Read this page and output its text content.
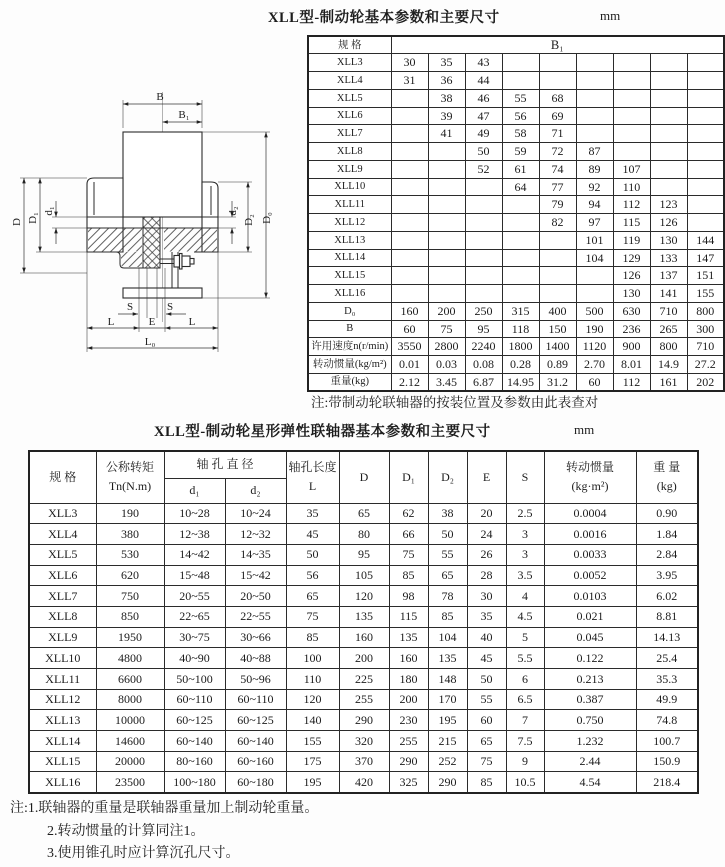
XLL型-制动轮基本参数和主要尺寸	mm
B
B₁
D D₁
d₁	d₂
D₂ D₀
S	S
L	E	L
L₀
规 格	B₁								
XLL3	30	35	43						
XLL4	31	36	44						
XLL5		38	46	55	68				
XLL6		39	47	56	69				
XLL7		41	49	58	71				
XLL8			50	59	72	87			
XLL9			52	61	74	89	107		
XLL10				64	77	92	110		
XLL11					79	94	112	123	
XLL12					82	97	115	126	
XLL13						101	119	130	144
XLL14						104	129	133	147
XLL15							126	137	151
XLL16							130	141	155
D₀	160	200	250	315	400	500	630	710	800
B	60	75	95	118	150	190	236	265	300
许用速度n(r/min)	3550	2800	2240	1800	1400	1120	900	800	710
转动惯量(kg/m²)	0.01	0.03	0.08	0.28	0.89	2.70	8.01	14.9	27.2
重量(kg)	2.12	3.45	6.87	14.95	31.2	60	112	161	202
注:带制动轮联轴器的按装位置及参数由此表查对
XLL型-制动轮星形弹性联轴器基本参数和主要尺寸	mm
规 格	
公称转矩
Tn(N.m)
	轴 孔 直 径	轴孔长度
L
	D	D₁	D₂	E	S	
转动惯量
(kg·m²)

重 量
(kg)

		d₁	d₂								
XLL3	190	10~28	10~24	35	65	62	38	20	2.5	0.0004	0.90
XLL4	380	12~38	12~32	45	80	66	50	24	3	0.0016	1.84
XLL5	530	14~42	14~35	50	95	75	55	26	3	0.0033	2.84
XLL6	620	15~48	15~42	56	105	85	65	28	3.5	0.0052	3.95
XLL7	750	20~55	20~50	65	120	98	78	30	4	0.0103	6.02
XLL8	850	22~65	22~55	75	135	115	85	35	4.5	0.021	8.81
XLL9	1950	30~75	30~66	85	160	135	104	40	5	0.045	14.13
XLL10	4800	40~90	40~88	100	200	160	135	45	5.5	0.122	25.4
XLL11	6600	50~100	50~96	110	225	180	148	50	6	0.213	35.3
XLL12	8000	60~110	60~110	120	255	200	170	55	6.5	0.387	49.9
XLL13	10000	60~125	60~125	140	290	230	195	60	7	0.750	74.8
XLL14	14600	60~140	60~140	155	320	255	215	65	7.5	1.232	100.7
XLL15	20000	80~160	60~160	175	370	290	252	75	9	2.44	150.9
XLL16	23500	100~180	60~180	195	420	325	290	85	10.5	4.54	218.4
注:1.联轴器的重量是联轴器重量加上制动轮重量。
2.转动惯量的计算同注1。
3.使用锥孔时应计算沉孔尺寸。
